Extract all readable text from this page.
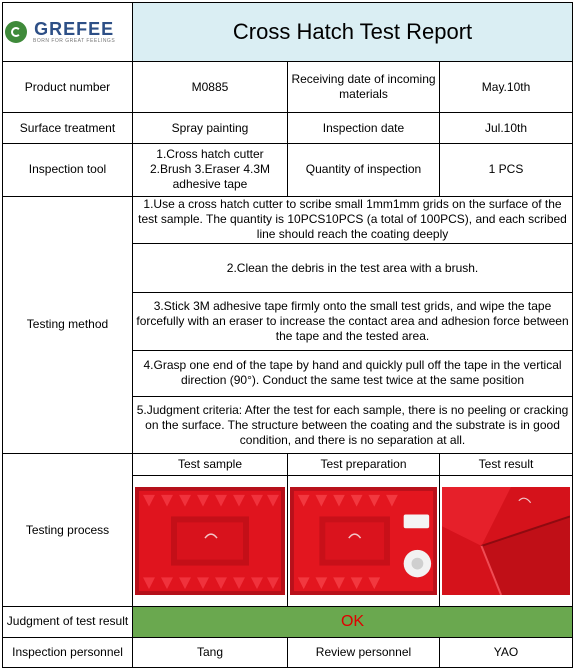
GREFEE
BORN FOR GREAT FEELINGS	Cross Hatch Test Report		
Product number	M0885	Receiving date of incoming materials	May.10th
Surface treatment	Spray painting	Inspection date	Jul.10th
Inspection tool	1.Cross hatch cutter 2.Brush 3.Eraser 4.3M adhesive tape	Quantity of inspection	1 PCS
Testing method	1.Use a cross hatch cutter to scribe small 1mm1mm grids on the surface of the test sample. The quantity is 10PCS10PCS (a total of 100PCS), and each scribed line should reach the coating deeply		
	2.Clean the debris in the test area with a brush.		
	3.Stick 3M adhesive tape firmly onto the small test grids, and wipe the tape forcefully with an eraser to increase the contact area and adhesion force between the tape and the tested area.		
	4.Grasp one end of the tape by hand and quickly pull off the tape in the vertical direction (90°). Conduct the same test twice at the same position		
	5.Judgment criteria: After the test for each sample, there is no peeling or cracking on the surface. The structure between the coating and the substrate is in good condition, and there is no separation at all.		
Testing process	Test sample	Test preparation	Test result

Judgment of test result	OK		
Inspection personnel	Tang	Review personnel	YAO
